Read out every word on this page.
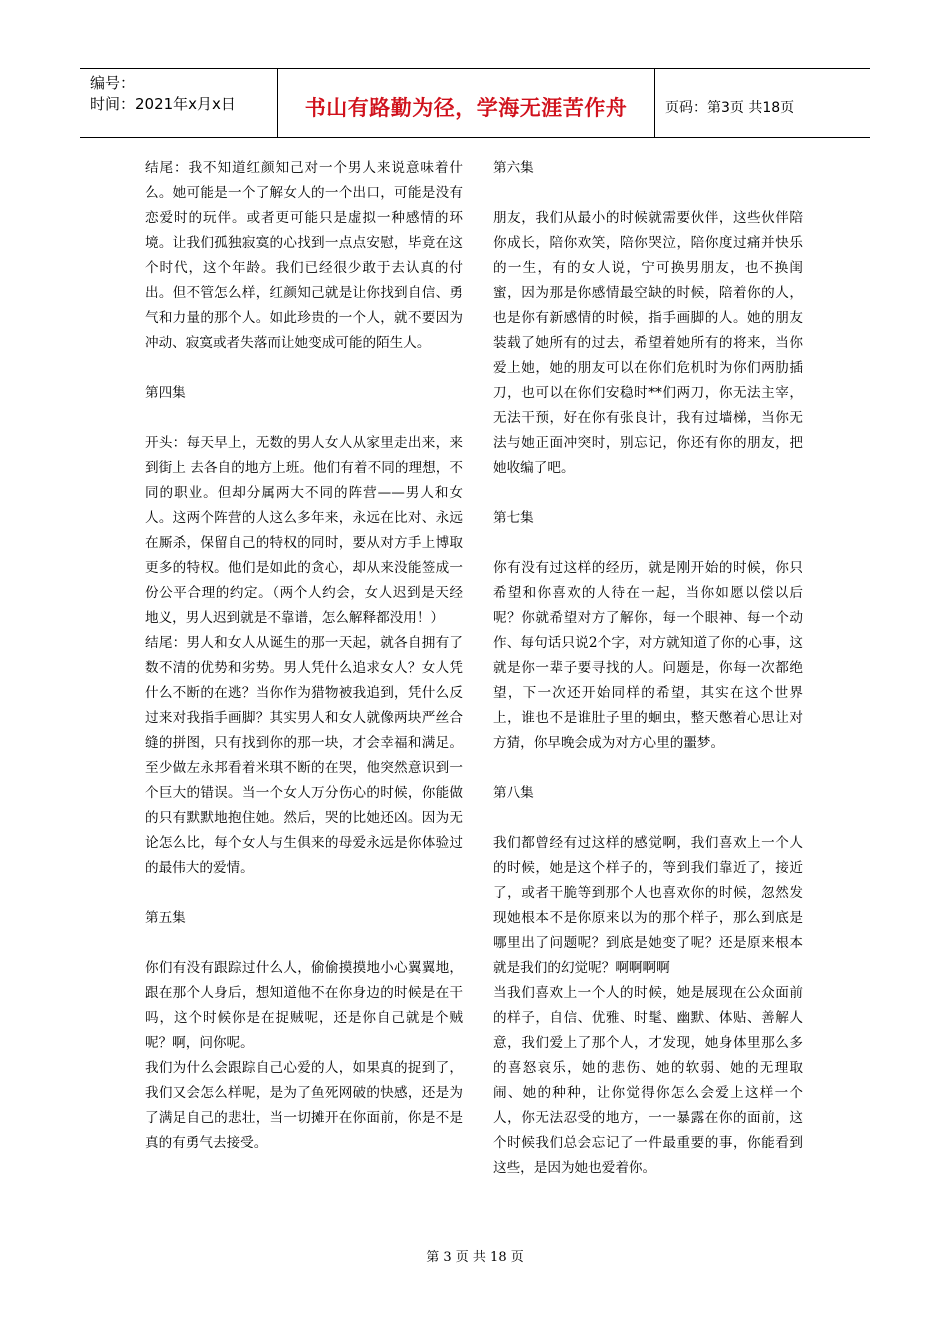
编号：
时间：2021年x月x日	书山有路勤为径，学海无涯苦作舟	页码：第3页 共18页

结尾：我不知道红颜知己对一个男人来说意味着什么。她可能是一个了解女人的一个出口，可能是没有恋爱时的玩伴。或者更可能只是虚拟一种感情的环境。让我们孤独寂寞的心找到一点点安慰，毕竟在这个时代，这个年龄。我们已经很少敢于去认真的付出。但不管怎么样，红颜知己就是让你找到自信、勇气和力量的那个人。如此珍贵的一个人，就不要因为冲动、寂寞或者失落而让她变成可能的陌生人。

第四集

开头：每天早上，无数的男人女人从家里走出来，来到街上 去各自的地方上班。他们有着不同的理想，不同的职业。但却分属两大不同的阵营——男人和女人。这两个阵营的人这么多年来，永远在比对、永远在厮杀，保留自己的特权的同时，要从对方手上博取更多的特权。他们是如此的贪心，却从来没能签成一份公平合理的约定。（两个人约会，女人迟到是天经地义，男人迟到就是不靠谱，怎么解释都没用！）

结尾：男人和女人从诞生的那一天起，就各自拥有了数不清的优势和劣势。男人凭什么追求女人？女人凭什么不断的在逃？当你作为猎物被我追到，凭什么反过来对我指手画脚？其实男人和女人就像两块严丝合缝的拼图，只有找到你的那一块，才会幸福和满足。至少做左永邦看着米琪不断的在哭，他突然意识到一个巨大的错误。当一个女人万分伤心的时候，你能做的只有默默地抱住她。然后，哭的比她还凶。因为无论怎么比，每个女人与生俱来的母爱永远是你体验过的最伟大的爱情。

第五集

你们有没有跟踪过什么人，偷偷摸摸地小心翼翼地，跟在那个人身后，想知道他不在你身边的时候是在干吗，这个时候你是在捉贼呢，还是你自己就是个贼呢？啊，问你呢。

我们为什么会跟踪自己心爱的人，如果真的捉到了，我们又会怎么样呢，是为了鱼死网破的快感，还是为了满足自己的悲壮，当一切摊开在你面前，你是不是真的有勇气去接受。

第六集

朋友，我们从最小的时候就需要伙伴，这些伙伴陪你成长，陪你欢笑，陪你哭泣，陪你度过痛并快乐的一生，有的女人说，宁可换男朋友，也不换闺蜜，因为那是你感情最空缺的时候，陪着你的人，也是你有新感情的时候，指手画脚的人。她的朋友装载了她所有的过去，希望着她所有的将来，当你爱上她，她的朋友可以在你们危机时为你们两肋插刀，也可以在你们安稳时**们两刀，你无法主宰，无法干预，好在你有张良计，我有过墙梯，当你无法与她正面冲突时，别忘记，你还有你的朋友，把她收编了吧。

第七集

你有没有过这样的经历，就是刚开始的时候，你只希望和你喜欢的人待在一起，当你如愿以偿以后呢？你就希望对方了解你，每一个眼神、每一个动作、每句话只说2个字，对方就知道了你的心事，这就是你一辈子要寻找的人。问题是，你每一次都绝望，下一次还开始同样的希望，其实在这个世界上，谁也不是谁肚子里的蛔虫，整天憋着心思让对方猜，你早晚会成为对方心里的噩梦。

第八集

我们都曾经有过这样的感觉啊，我们喜欢上一个人的时候，她是这个样子的，等到我们靠近了，接近了，或者干脆等到那个人也喜欢你的时候，忽然发现她根本不是你原来以为的那个样子，那么到底是哪里出了问题呢？到底是她变了呢？还是原来根本就是我们的幻觉呢？啊啊啊啊

当我们喜欢上一个人的时候，她是展现在公众面前的样子，自信、优雅、时髦、幽默、体贴、善解人意，我们爱上了那个人，才发现，她身体里那么多的喜怒哀乐，她的悲伤、她的软弱、她的无理取闹、她的种种，让你觉得你怎么会爱上这样一个人，你无法忍受的地方，一一暴露在你的面前，这个时候我们总会忘记了一件最重要的事，你能看到这些，是因为她也爱着你。

第 3 页 共 18 页
